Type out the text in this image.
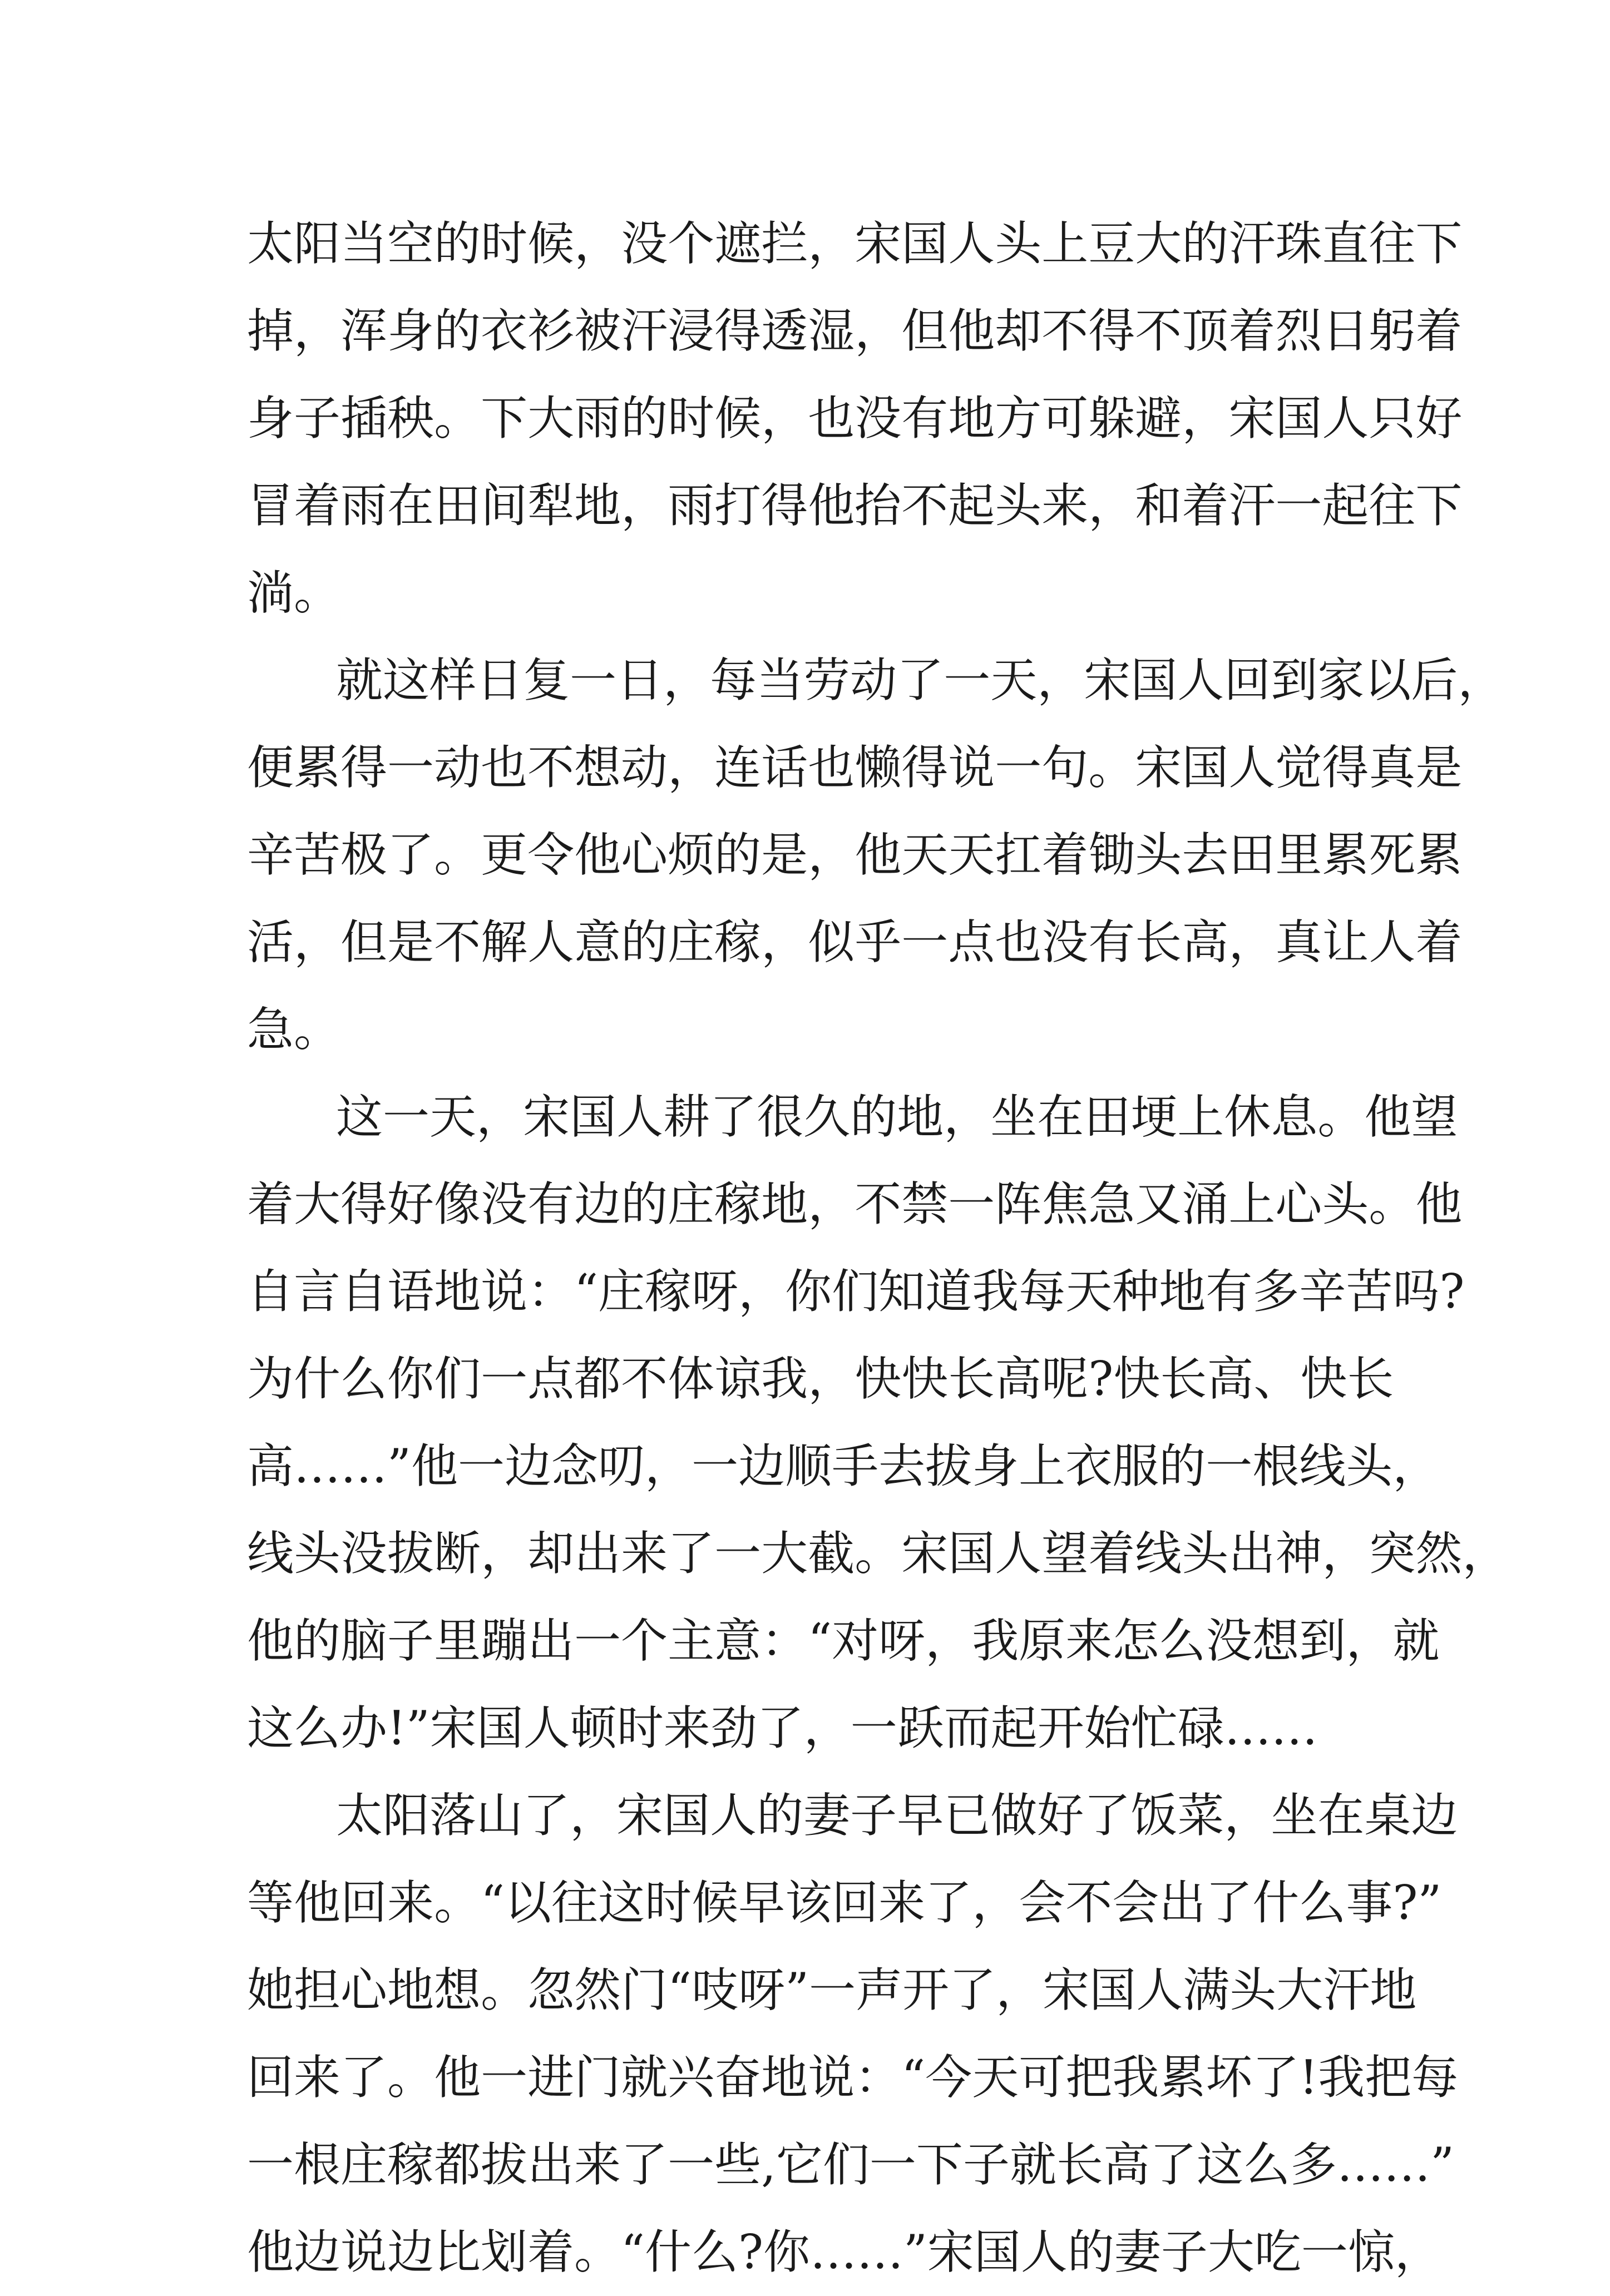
太 阳 当 空 的 时 候 ， 没 个 遮 拦 ， 宋 国 人 头 上 豆 大 的 汗 珠 直 往 下
掉 ， 浑 身 的 衣 衫 被 汗 浸 得 透 湿 ， 但 他 却 不 得 不 顶 着 烈 日 躬 着
身 子 插 秧 。 下 大 雨 的 时 候 ， 也 没 有 地 方 可 躲 避 ， 宋 国 人 只 好
冒 着 雨 在 田 间 犁 地 ， 雨 打 得 他 抬 不 起 头 来 ， 和 着 汗 一 起 往 下
淌。
就 这 样 日 复 一 日 ， 每 当 劳 动 了 一 天 ， 宋 国 人 回 到 家 以 后 ，
便 累 得 一 动 也 不 想 动 ， 连 话 也 懒 得 说 一 句 。 宋 国 人 觉 得 真 是
辛 苦 极 了 。 更 令 他 心 烦 的 是 ， 他 天 天 扛 着 锄 头 去 田 里 累 死 累
活 ， 但 是 不 解 人 意 的 庄 稼 ， 似 乎 一 点 也 没 有 长 高 ， 真 让 人 着
急。
这 一 天 ， 宋 国 人 耕 了 很 久 的 地 ， 坐 在 田 埂 上 休 息 。 他 望
着 大 得 好 像 没 有 边 的 庄 稼 地 ， 不 禁 一 阵 焦 急 又 涌 上 心 头 。 他
自 言 自 语 地 说 ： “ 庄 稼 呀 ， 你 们 知 道 我 每 天 种 地 有 多 辛 苦 吗 ?
为 什 么 你 们 一 点 都 不 体 谅 我 ， 快 快 长 高 呢 ? 快 长 高 、 快 长
高 … … ” 他 一 边 念 叨 ， 一 边 顺 手 去 拔 身 上 衣 服 的 一 根 线 头 ，
线 头 没 拔 断 ， 却 出 来 了 一 大 截 。 宋 国 人 望 着 线 头 出 神 ， 突 然 ，
他 的 脑 子 里 蹦 出 一 个 主 意 ： “ 对 呀 ， 我 原 来 怎 么 没 想 到 ， 就
这么办!”宋国人顿时来劲了，一跃而起开始忙碌……
太 阳 落 山 了 ， 宋 国 人 的 妻 子 早 已 做 好 了 饭 菜 ， 坐 在 桌 边
等 他 回 来 。 “ 以 往 这 时 候 早 该 回 来 了 ， 会 不 会 出 了 什 么 事 ? ”
她 担 心 地 想 。 忽 然 门 “ 吱 呀 ” 一 声 开 了 ， 宋 国 人 满 头 大 汗 地
回 来 了 。 他 一 进 门 就 兴 奋 地 说 ： “ 今 天 可 把 我 累 坏 了 ! 我 把 每
一 根 庄 稼 都 拔 出 来 了 一 些 , 它 们 一 下 子 就 长 高 了 这 么 多 … … ”
他边说边比划着。“什么?你……”宋国人的妻子大吃一惊，
